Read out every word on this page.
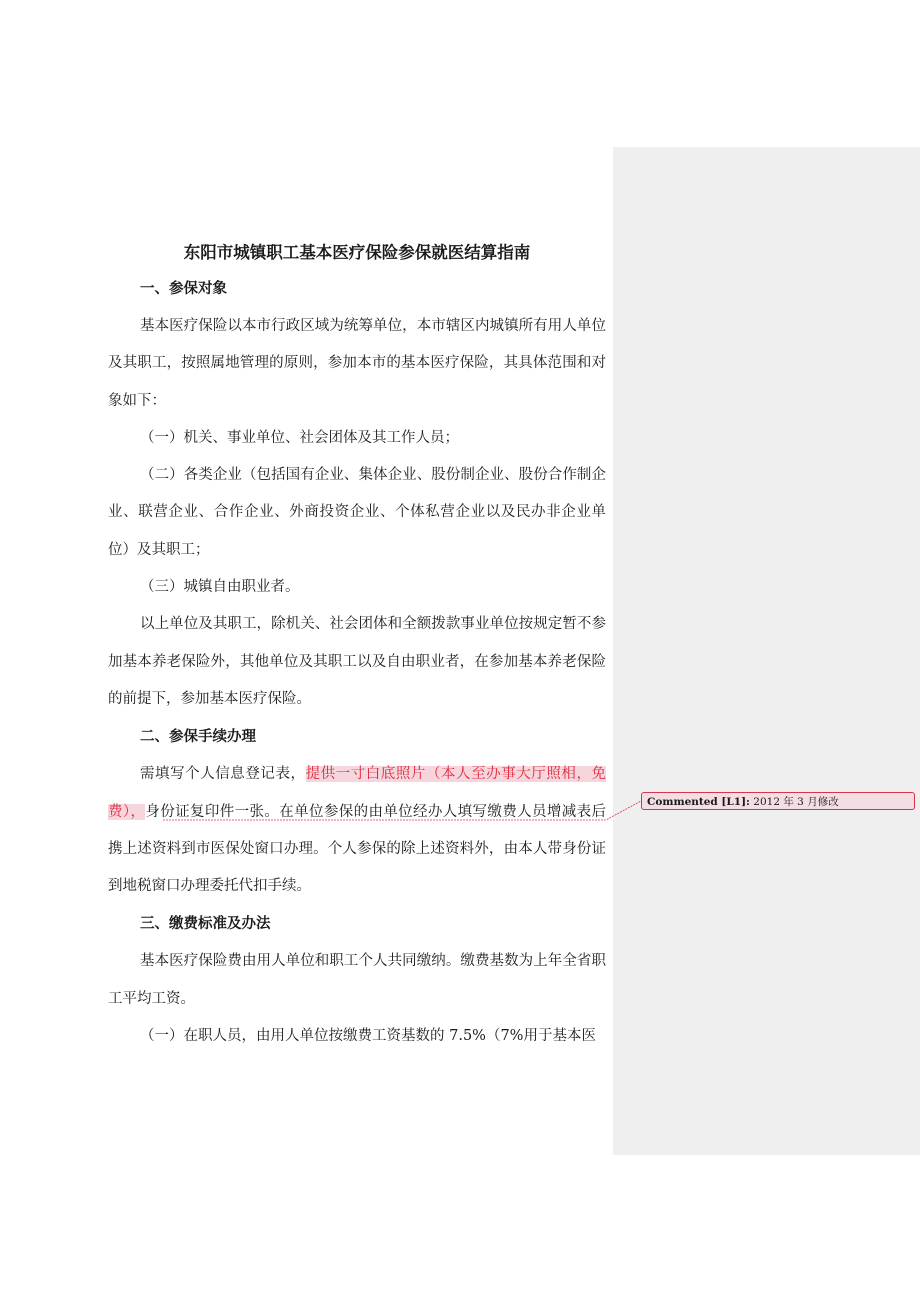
东阳市城镇职工基本医疗保险参保就医结算指南
一、参保对象

基本医疗保险以本市行政区域为统筹单位，本市辖区内城镇所有用人单位及其职工，按照属地管理的原则，参加本市的基本医疗保险，其具体范围和对象如下：

（一）机关、事业单位、社会团体及其工作人员；

（二）各类企业（包括国有企业、集体企业、股份制企业、股份合作制企业、联营企业、合作企业、外商投资企业、个体私营企业以及民办非企业单位）及其职工；

（三）城镇自由职业者。

以上单位及其职工，除机关、社会团体和全额拨款事业单位按规定暂不参加基本养老保险外，其他单位及其职工以及自由职业者，在参加基本养老保险的前提下，参加基本医疗保险。

二、参保手续办理

需填写个人信息登记表，提供一寸白底照片（本人至办事大厅照相，免费），身份证复印件一张。在单位参保的由单位经办人填写缴费人员增减表后携上述资料到市医保处窗口办理。个人参保的除上述资料外，由本人带身份证到地税窗口办理委托代扣手续。

三、缴费标准及办法

基本医疗保险费由用人单位和职工个人共同缴纳。缴费基数为上年全省职工平均工资。

（一）在职人员，由用人单位按缴费工资基数的 7.5%（7%用于基本医

Commented [L1]: 2012 年 3 月修改
